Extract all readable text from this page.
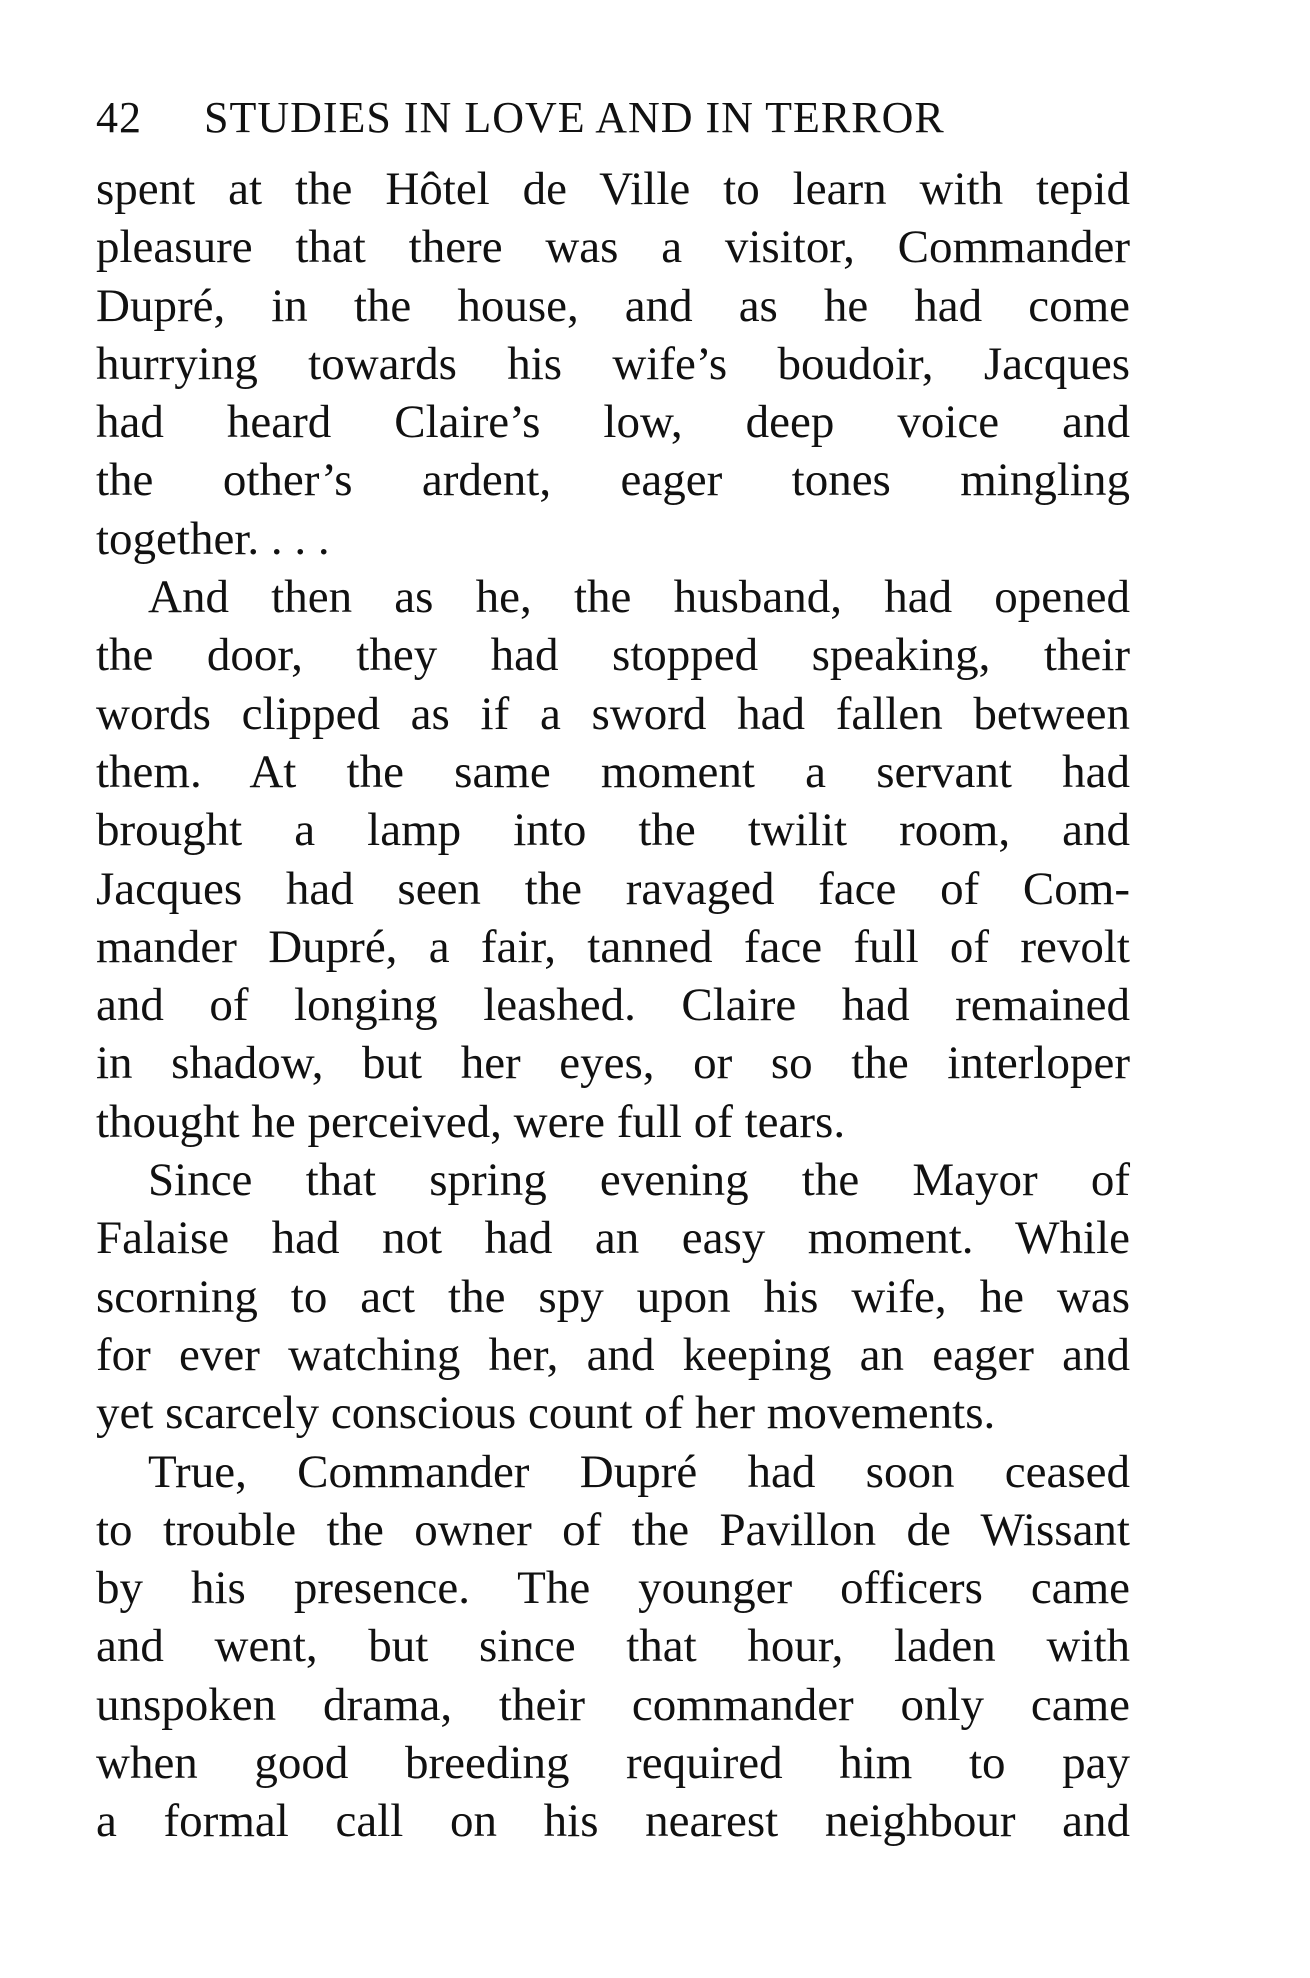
42 STUDIES IN LOVE AND IN TERROR
spent at the Hôtel de Ville to learn with tepid
pleasure that there was a visitor, Commander
Dupré, in the house, and as he had come
hurrying towards his wife’s boudoir, Jacques
had heard Claire’s low, deep voice and
the other’s ardent, eager tones mingling
together. . . .
And then as he, the husband, had opened
the door, they had stopped speaking, their
words clipped as if a sword had fallen between
them. At the same moment a servant had
brought a lamp into the twilit room, and
Jacques had seen the ravaged face of Com-
mander Dupré, a fair, tanned face full of revolt
and of longing leashed. Claire had remained
in shadow, but her eyes, or so the interloper
thought he perceived, were full of tears.
Since that spring evening the Mayor of
Falaise had not had an easy moment. While
scorning to act the spy upon his wife, he was
for ever watching her, and keeping an eager and
yet scarcely conscious count of her movements.
True, Commander Dupré had soon ceased
to trouble the owner of the Pavillon de Wissant
by his presence. The younger officers came
and went, but since that hour, laden with
unspoken drama, their commander only came
when good breeding required him to pay
a formal call on his nearest neighbour and
